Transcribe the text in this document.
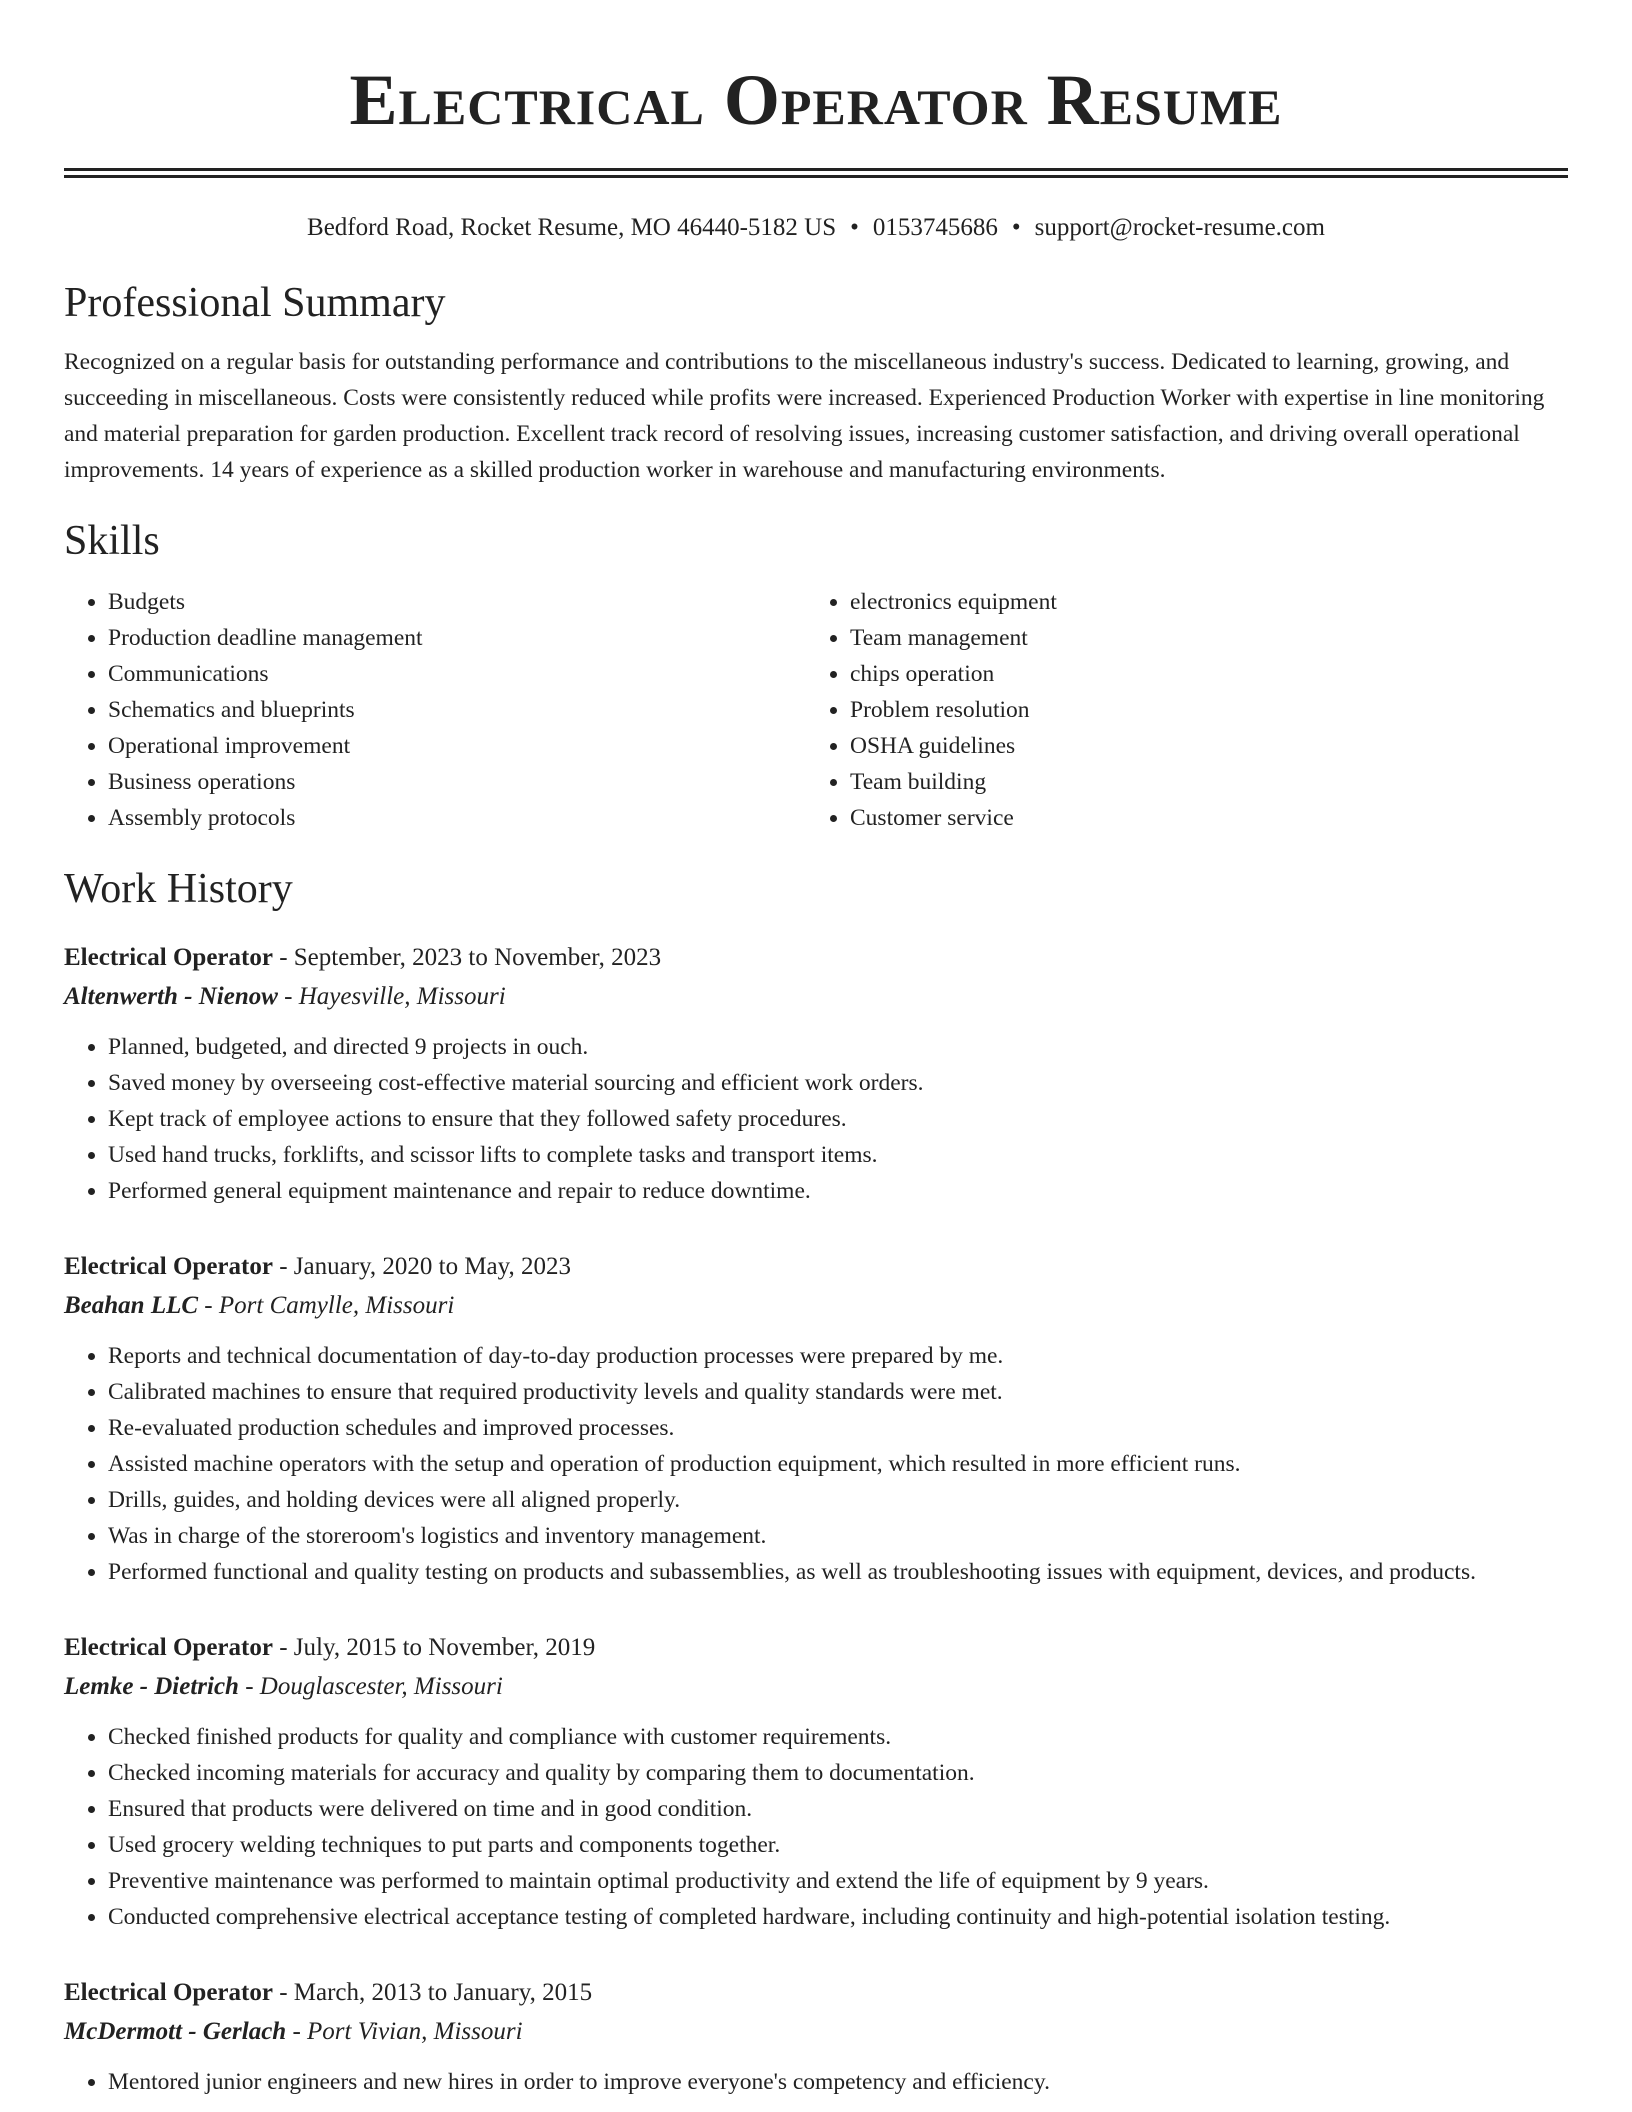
Electrical Operator Resume
Bedford Road, Rocket Resume, MO 46440-5182 US • 0153745686 • support@rocket-resume.com
Professional Summary
Recognized on a regular basis for outstanding performance and contributions to the miscellaneous industry's success. Dedicated to learning, growing, and succeeding in miscellaneous. Costs were consistently reduced while profits were increased. Experienced Production Worker with expertise in line monitoring and material preparation for garden production. Excellent track record of resolving issues, increasing customer satisfaction, and driving overall operational improvements. 14 years of experience as a skilled production worker in warehouse and manufacturing environments.
Skills
• Budgets
• Production deadline management
• Communications
• Schematics and blueprints
• Operational improvement
• Business operations
• Assembly protocols
• electronics equipment
• Team management
• chips operation
• Problem resolution
• OSHA guidelines
• Team building
• Customer service
Work History
Electrical Operator - September, 2023 to November, 2023
Altenwerth - Nienow - Hayesville, Missouri
• Planned, budgeted, and directed 9 projects in ouch.
• Saved money by overseeing cost-effective material sourcing and efficient work orders.
• Kept track of employee actions to ensure that they followed safety procedures.
• Used hand trucks, forklifts, and scissor lifts to complete tasks and transport items.
• Performed general equipment maintenance and repair to reduce downtime.
Electrical Operator - January, 2020 to May, 2023
Beahan LLC - Port Camylle, Missouri
• Reports and technical documentation of day-to-day production processes were prepared by me.
• Calibrated machines to ensure that required productivity levels and quality standards were met.
• Re-evaluated production schedules and improved processes.
• Assisted machine operators with the setup and operation of production equipment, which resulted in more efficient runs.
• Drills, guides, and holding devices were all aligned properly.
• Was in charge of the storeroom's logistics and inventory management.
• Performed functional and quality testing on products and subassemblies, as well as troubleshooting issues with equipment, devices, and products.
Electrical Operator - July, 2015 to November, 2019
Lemke - Dietrich - Douglascester, Missouri
• Checked finished products for quality and compliance with customer requirements.
• Checked incoming materials for accuracy and quality by comparing them to documentation.
• Ensured that products were delivered on time and in good condition.
• Used grocery welding techniques to put parts and components together.
• Preventive maintenance was performed to maintain optimal productivity and extend the life of equipment by 9 years.
• Conducted comprehensive electrical acceptance testing of completed hardware, including continuity and high-potential isolation testing.
Electrical Operator - March, 2013 to January, 2015
McDermott - Gerlach - Port Vivian, Missouri
• Mentored junior engineers and new hires in order to improve everyone's competency and efficiency.
